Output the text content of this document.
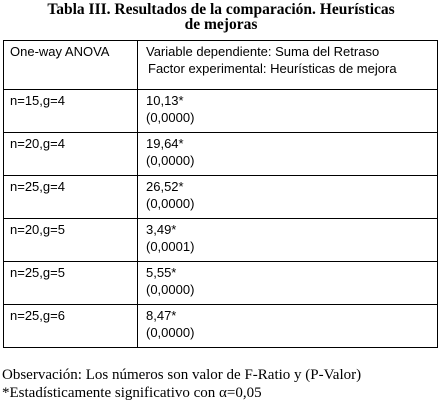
Tabla III. Resultados de la comparación. Heurísticas
de mejoras
One-way ANOVA	Variable dependiente: Suma del Retraso
Factor experimental: Heurísticas de mejora

n=15,g=4	10,13*
(0,0000)

n=20,g=4	19,64*
(0,0000)

n=25,g=4	26,52*
(0,0000)

n=20,g=5	3,49*
(0,0001)

n=25,g=5	5,55*
(0,0000)

n=25,g=6	8,47*
(0,0000)
Observación: Los números son valor de F-Ratio y (P-Valor)
*Estadísticamente significativo con α=0,05
